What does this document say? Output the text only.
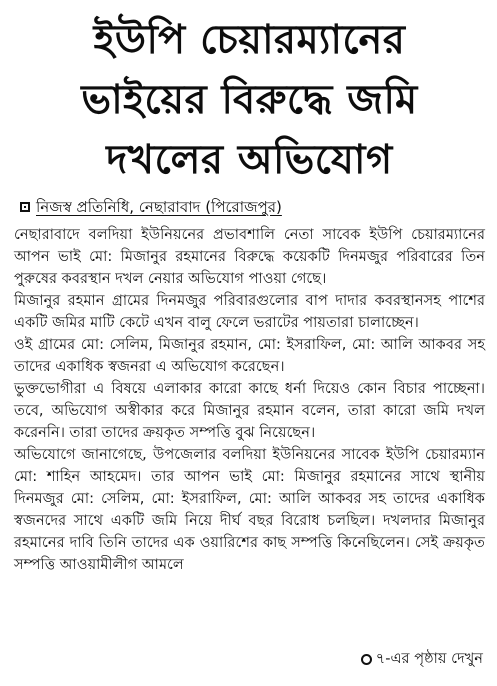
ইউপি চেয়ারম্যানের
ভাইয়ের বিরুদ্ধে জমি
দখলের অভিযোগ
নিজস্ব প্রতিনিধি, নেছারাবাদ (পিরোজপুর)

নেছারাবাদে বলদিয়া ইউনিয়নের প্রভাবশালি নেতা সাবেক ইউপি চেয়ারম্যানের আপন ভাই মো: মিজানুর রহমানের বিরুদ্ধে কয়েকটি দিনমজুর পরিবারের তিন পুরুষের কবরস্থান দখল নেয়ার অভিযোগ পাওয়া গেছে।

মিজানুর রহমান গ্রামের দিনমজুর পরিবারগুলোর বাপ দাদার কবরস্থানসহ পাশের একটি জমির মাটি কেটে এখন বালু ফেলে ভরাটের পায়তারা চালাচ্ছেন।

ওই গ্রামের মো: সেলিম, মিজানুর রহমান, মো: ইসরাফিল, মো: আলি আকবর সহ তাদের একাধিক স্বজনরা এ অভিযোগ করেছেন।

ভুক্তভোগীরা এ বিষয়ে এলাকার কারো কাছে ধর্না দিয়েও কোন বিচার পাচ্ছেনা। তবে, অভিযোগ অস্বীকার করে মিজানুর রহমান বলেন, তারা কারো জমি দখল করেননি। তারা তাদের ক্রয়কৃত সম্পত্তি বুঝ নিয়েছেন।

অভিযোগে জানাগেছে, উপজেলার বলদিয়া ইউনিয়নের সাবেক ইউপি চেয়ারম্যান মো: শাহিন আহমেদ। তার আপন ভাই মো: মিজানুর রহমানের সাথে স্থানীয় দিনমজুর মো: সেলিম, মো: ইসরাফিল, মো: আলি আকবর সহ তাদের একাধিক স্বজনদের সাথে একটি জমি নিয়ে দীর্ঘ বছর বিরোধ চলছিল। দখলদার মিজানুর রহমানের দাবি তিনি তাদের এক ওয়ারিশের কাছ সম্পত্তি কিনেছিলেন। সেই ক্রয়কৃত সম্পত্তি আওয়ামীলীগ আমলে

৭-এর পৃষ্ঠায় দেখুন
